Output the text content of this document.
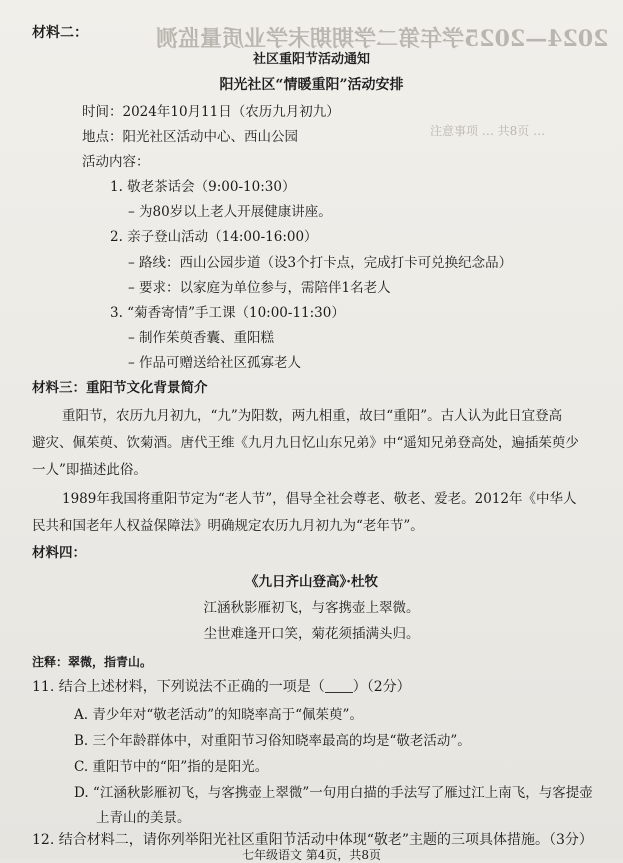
2024—2025学年第二学期期末学业质量监测
注意事项 … 共8页 …
材料二：
社区重阳节活动通知
阳光社区“情暖重阳”活动安排
时间：2024年10月11日（农历九月初九）
地点：阳光社区活动中心、西山公园
活动内容：
1. 敬老茶话会（9:00-10:30）
– 为80岁以上老人开展健康讲座。
2. 亲子登山活动（14:00-16:00）
– 路线：西山公园步道（设3个打卡点，完成打卡可兑换纪念品）
– 要求：以家庭为单位参与，需陪伴1名老人
3. “菊香寄情”手工课（10:00-11:30）
– 制作茱萸香囊、重阳糕
– 作品可赠送给社区孤寡老人
材料三：重阳节文化背景简介
重阳节，农历九月初九，“九”为阳数，两九相重，故曰“重阳”。古人认为此日宜登高
避灾、佩茱萸、饮菊酒。唐代王维《九月九日忆山东兄弟》中“遥知兄弟登高处，遍插茱萸少
一人”即描述此俗。
1989年我国将重阳节定为“老人节”，倡导全社会尊老、敬老、爱老。2012年《中华人
民共和国老年人权益保障法》明确规定农历九月初九为“老年节”。
材料四：
《九日齐山登高》·杜牧
江涵秋影雁初飞，与客携壶上翠微。
尘世难逢开口笑，菊花须插满头归。
注释：翠微，指青山。
11. 结合上述材料，下列说法不正确的一项是（ ）（2分）
A. 青少年对“敬老活动”的知晓率高于“佩茱萸”。
B. 三个年龄群体中，对重阳节习俗知晓率最高的均是“敬老活动”。
C. 重阳节中的“阳”指的是阳光。
D. “江涵秋影雁初飞，与客携壶上翠微”一句用白描的手法写了雁过江上南飞，与客提壶
上青山的美景。
12. 结合材料二，请你列举阳光社区重阳节活动中体现“敬老”主题的三项具体措施。（3分）
七年级语文 第4页，共8页
